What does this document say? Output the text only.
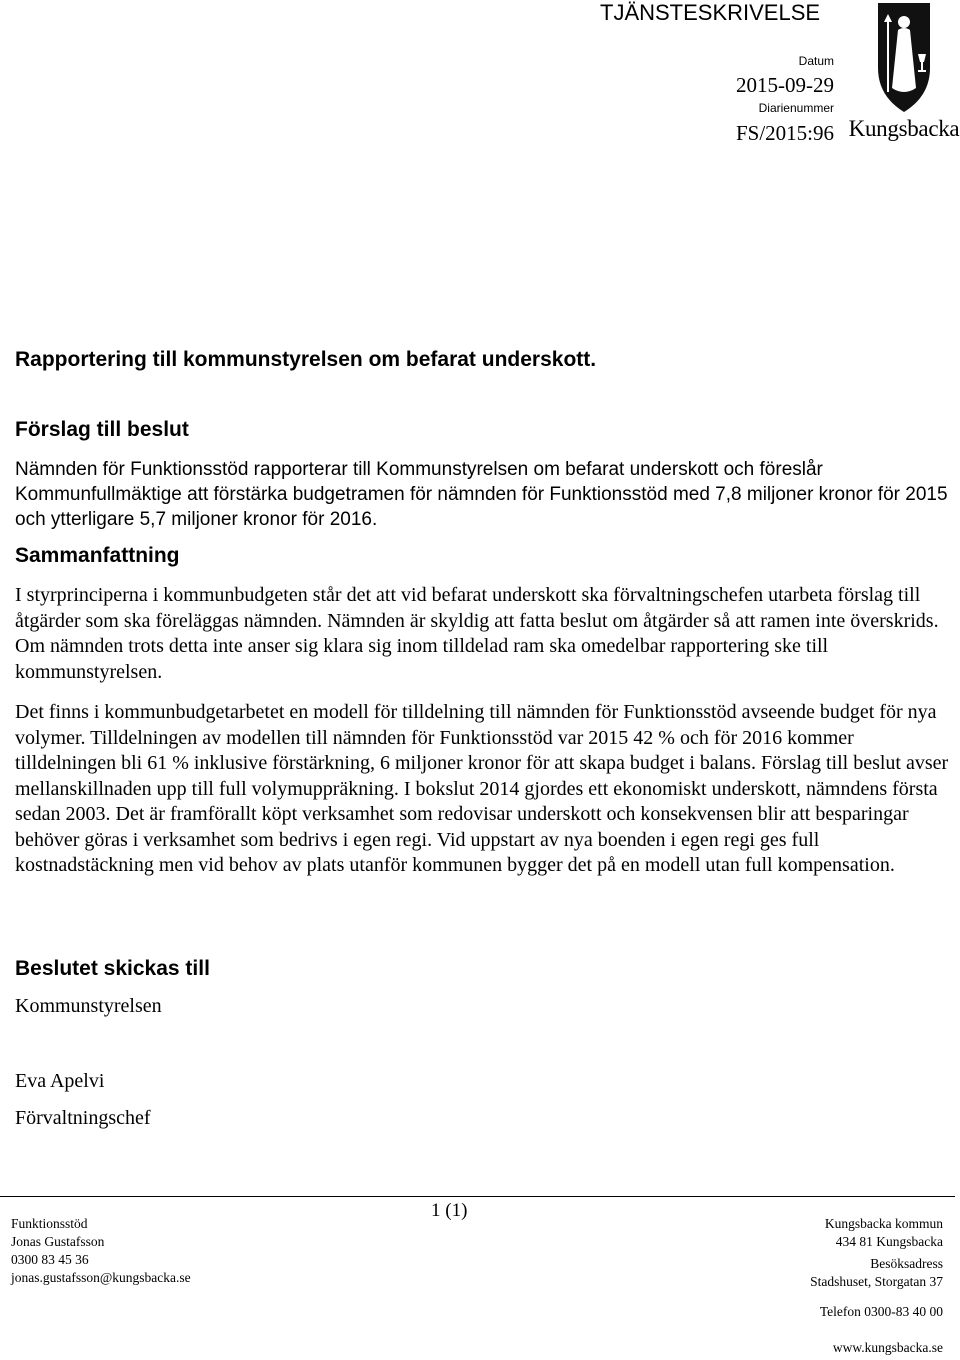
TJÄNSTESKRIVELSE
Datum
2015-09-29
Diarienummer
FS/2015:96 Kungsbacka
Rapportering till kommunstyrelsen om befarat underskott.
Förslag till beslut

Nämnden för Funktionsstöd rapporterar till Kommunstyrelsen om befarat underskott och föreslår Kommunfullmäktige att förstärka budgetramen för nämnden för Funktionsstöd med 7,8 miljoner kronor för 2015 och ytterligare 5,7 miljoner kronor för 2016.

Sammanfattning

I styrprinciperna i kommunbudgeten står det att vid befarat underskott ska förvaltningschefen utarbeta förslag till åtgärder som ska föreläggas nämnden. Nämnden är skyldig att fatta beslut om åtgärder så att ramen inte överskrids. Om nämnden trots detta inte anser sig klara sig inom tilldelad ram ska omedelbar rapportering ske till kommunstyrelsen.

Det finns i kommunbudgetarbetet en modell för tilldelning till nämnden för Funktionsstöd avseende budget för nya volymer. Tilldelningen av modellen till nämnden för Funktionsstöd var 2015 42 % och för 2016 kommer tilldelningen bli 61 % inklusive förstärkning, 6 miljoner kronor för att skapa budget i balans. Förslag till beslut avser mellanskillnaden upp till full volymuppräkning. I bokslut 2014 gjordes ett ekonomiskt underskott, nämndens första sedan 2003. Det är framförallt köpt verksamhet som redovisar underskott och konsekvensen blir att besparingar behöver göras i verksamhet som bedrivs i egen regi. Vid uppstart av nya boenden i egen regi ges full kostnadstäckning men vid behov av plats utanför kommunen bygger det på en modell utan full kompensation.

Beslutet skickas till
Kommunstyrelsen
Eva Apelvi
Förvaltningschef
1 (1)
Funktionsstöd
Jonas Gustafsson
0300 83 45 36
jonas.gustafsson@kungsbacka.se
Kungsbacka kommun
434 81 Kungsbacka
Besöksadress
Stadshuset, Storgatan 37
Telefon 0300-83 40 00
www.kungsbacka.se
